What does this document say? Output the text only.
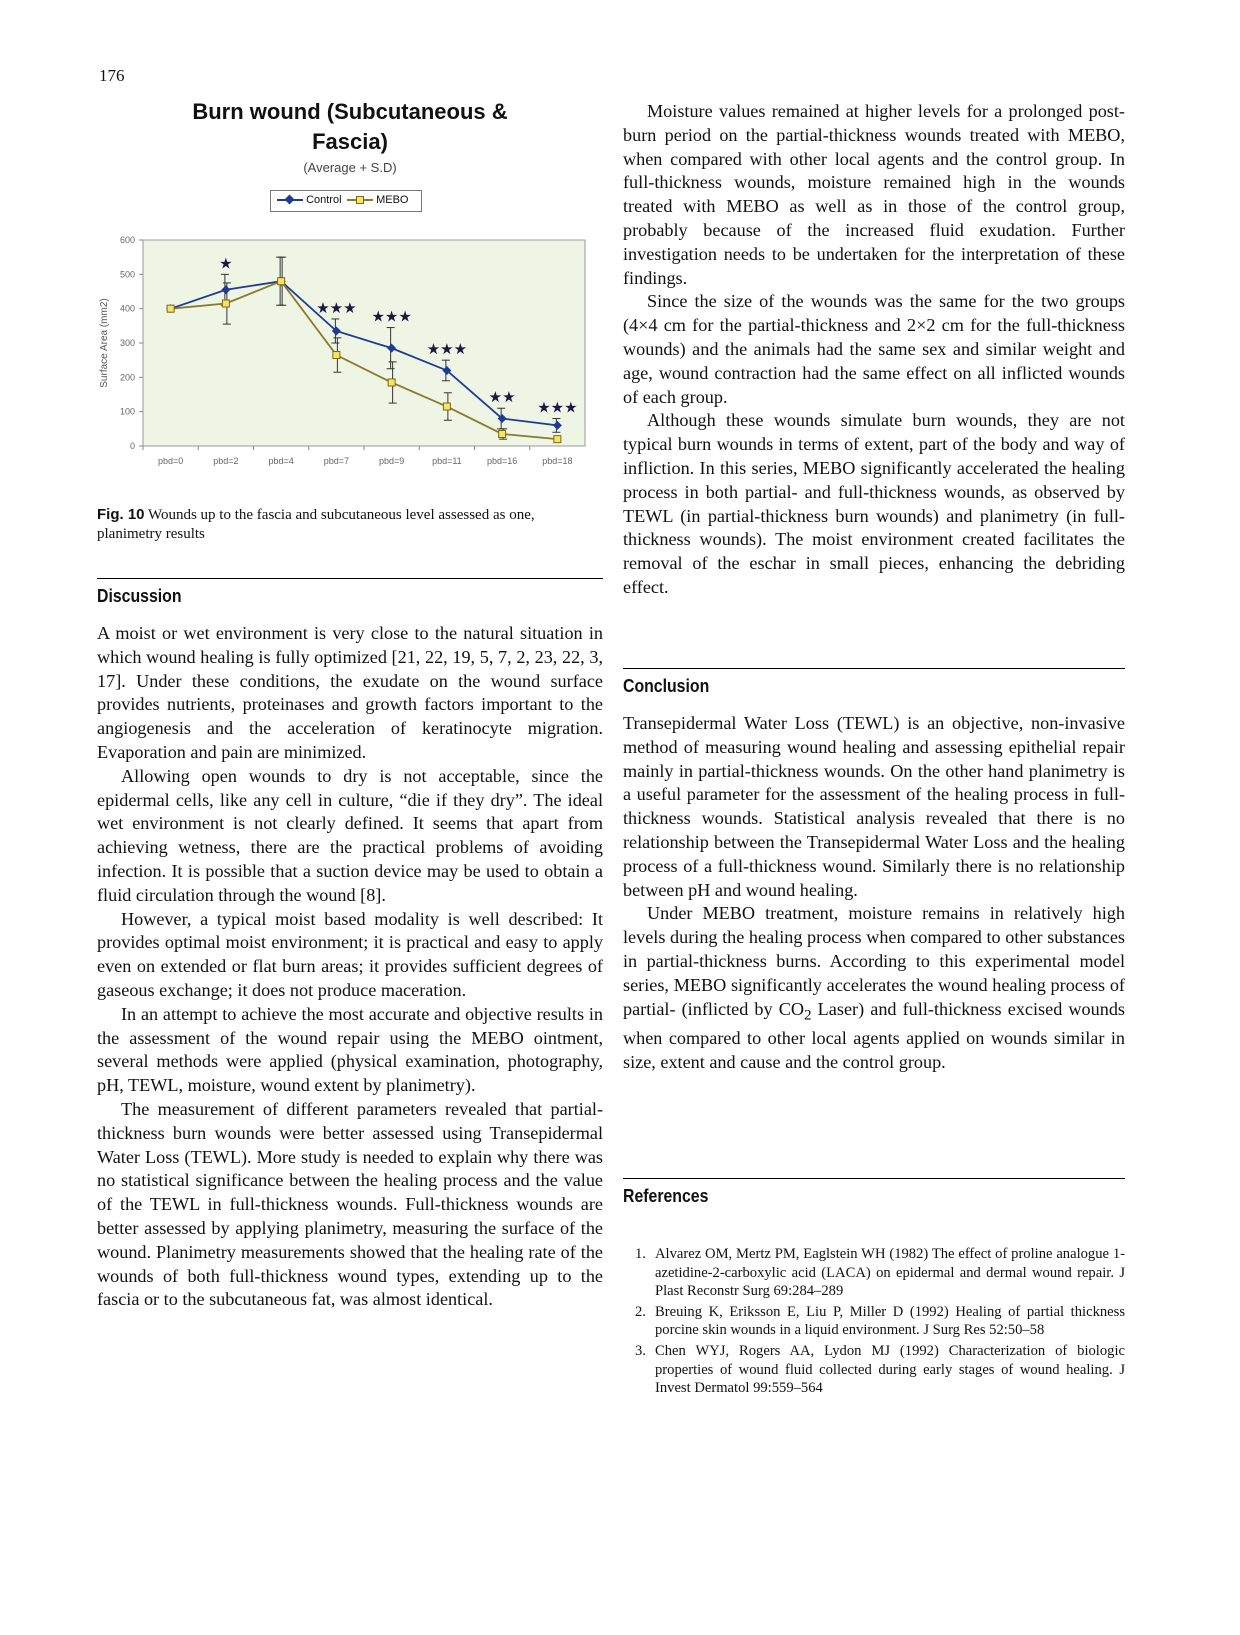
176
Burn wound (Subcutaneous &
Fascia)
(Average + S.D)
Control	MEBO
0
100
200
300
400
500
600
Surface Area (mm2)
pbd=0	pbd=2	pbd=4	pbd=7	pbd=9	pbd=11	pbd=16	pbd=18
★
★★★ ★★★
★★★
★★
★★★
Fig. 10 Wounds up to the fascia and subcutaneous level assessed as one, planimetry results
Discussion

A moist or wet environment is very close to the natural situation in which wound healing is fully optimized [21, 22, 19, 5, 7, 2, 23, 22, 3, 17]. Under these conditions, the exudate on the wound surface provides nutrients, proteinases and growth factors important to the angiogenesis and the acceleration of keratinocyte migration. Evaporation and pain are minimized.

Allowing open wounds to dry is not acceptable, since the epidermal cells, like any cell in culture, “die if they dry”. The ideal wet environment is not clearly defined. It seems that apart from achieving wetness, there are the practical problems of avoiding infection. It is possible that a suction device may be used to obtain a fluid circulation through the wound [8].

However, a typical moist based modality is well described: It provides optimal moist environment; it is practical and easy to apply even on extended or flat burn areas; it provides sufficient degrees of gaseous exchange; it does not produce maceration.

In an attempt to achieve the most accurate and objective results in the assessment of the wound repair using the MEBO ointment, several methods were applied (physical examination, photography, pH, TEWL, moisture, wound extent by planimetry).

The measurement of different parameters revealed that partial-thickness burn wounds were better assessed using Transepidermal Water Loss (TEWL). More study is needed to explain why there was no statistical significance between the healing process and the value of the TEWL in full-thickness wounds. Full-thickness wounds are better assessed by applying planimetry, measuring the surface of the wound. Planimetry measurements showed that the healing rate of the wounds of both full-thickness wound types, extending up to the fascia or to the subcutaneous fat, was almost identical.

Moisture values remained at higher levels for a prolonged post-burn period on the partial-thickness wounds treated with MEBO, when compared with other local agents and the control group. In full-thickness wounds, moisture remained high in the wounds treated with MEBO as well as in those of the control group, probably because of the increased fluid exudation. Further investigation needs to be undertaken for the interpretation of these findings.

Since the size of the wounds was the same for the two groups (4×4 cm for the partial-thickness and 2×2 cm for the full-thickness wounds) and the animals had the same sex and similar weight and age, wound contraction had the same effect on all inflicted wounds of each group.

Although these wounds simulate burn wounds, they are not typical burn wounds in terms of extent, part of the body and way of infliction. In this series, MEBO significantly accelerated the healing process in both partial- and full-thickness wounds, as observed by TEWL (in partial-thickness burn wounds) and planimetry (in full-thickness wounds). The moist environment created facilitates the removal of the eschar in small pieces, enhancing the debriding effect.

Conclusion

Transepidermal Water Loss (TEWL) is an objective, non-invasive method of measuring wound healing and assessing epithelial repair mainly in partial-thickness wounds. On the other hand planimetry is a useful parameter for the assessment of the healing process in full-thickness wounds. Statistical analysis revealed that there is no relationship between the Transepidermal Water Loss and the healing process of a full-thickness wound. Similarly there is no relationship between pH and wound healing.

Under MEBO treatment, moisture remains in relatively high levels during the healing process when compared to other substances in partial-thickness burns. According to this experimental model series, MEBO significantly accelerates the wound healing process of partial- (inflicted by $CO_2$ Laser) and full-thickness excised wounds when compared to other local agents applied on wounds similar in size, extent and cause and the control group.

References
1. Alvarez OM, Mertz PM, Eaglstein WH (1982) The effect of proline analogue 1-azetidine-2-carboxylic acid (LACA) on epidermal and dermal wound repair. J Plast Reconstr Surg 69:284–289
2. Breuing K, Eriksson E, Liu P, Miller D (1992) Healing of partial thickness porcine skin wounds in a liquid environment. J Surg Res 52:50–58
3. Chen WYJ, Rogers AA, Lydon MJ (1992) Characterization of biologic properties of wound fluid collected during early stages of wound healing. J Invest Dermatol 99:559–564
